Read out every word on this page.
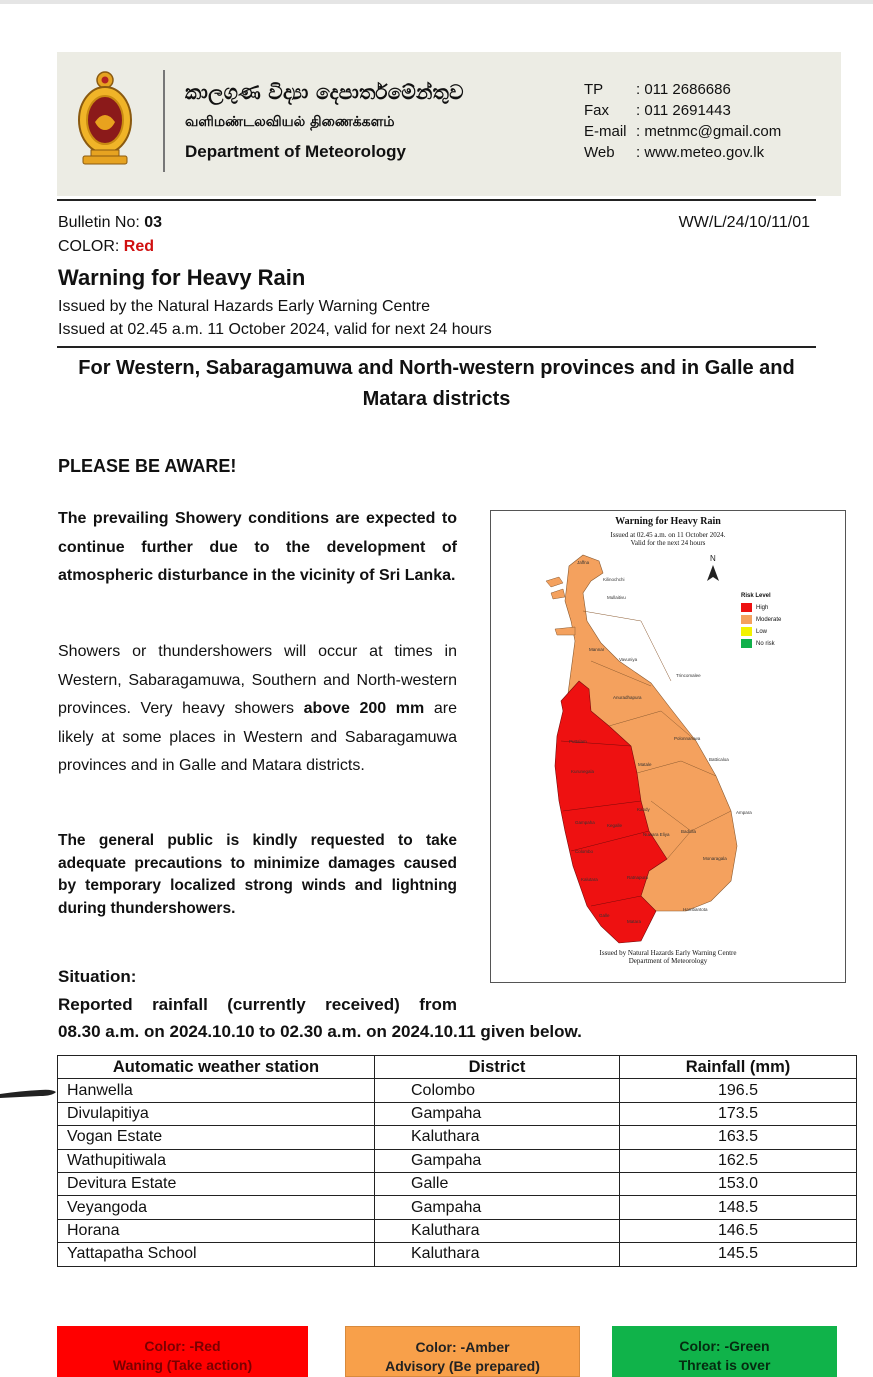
කාලගුණ විද්‍යා දෙපාර්තමේන්තුව
வளிமண்டலவியல் திணைக்களம்
Department of Meteorology
TP	: 011 2686686
Fax	: 011 2691443
E-mail : metnmc@gmail.com
Web	: www.meteo.gov.lk
Bulletin No: 03	WW/L/24/10/11/01
COLOR: Red
Warning for Heavy Rain
Issued by the Natural Hazards Early Warning Centre
Issued at 02.45 a.m. 11 October 2024, valid for next 24 hours
For Western, Sabaragamuwa and North-western provinces and in Galle and Matara districts
PLEASE BE AWARE!
The prevailing Showery conditions are expected to continue further due to the development of atmospheric disturbance in the vicinity of Sri Lanka.
Showers or thundershowers will occur at times in Western, Sabaragamuwa, Southern and North-western provinces. Very heavy showers above 200 mm are likely at some places in Western and Sabaragamuwa provinces and in Galle and Matara districts.
The general public is kindly requested to take adequate precautions to minimize damages caused by temporary localized strong winds and lightning during thundershowers.
N
Jaffna
Kilinochchi
Mullaitivu
Mannar
Vavuniya
Trincomalee
Anuradhapura
Puttalam
Polonnaruwa
Kurunegala
Matale
Batticaloa
Gampaha
Kandy
Colombo
Kegalle
Nuwara Eliya
Badulla
Ampara
Kalutara	Ratnapura
Monaragala
Galle
Matara
Hambantota
Warning for Heavy Rain
Issued at 02.45 a.m. on 11 October 2024.
Valid for the next 24 hours
Risk Level
High
Moderate
Low
No risk
Issued by Natural Hazards Early Warning Centre
Department of Meteorology
Situation:
Reported rainfall (currently received) from
08.30 a.m. on 2024.10.10 to 02.30 a.m. on 2024.10.11 given below.
Automatic weather station	District	Rainfall (mm)
Hanwella	Colombo	196.5
Divulapitiya	Gampaha	173.5
Vogan Estate	Kaluthara	163.5
Wathupitiwala	Gampaha	162.5
Devitura Estate	Galle	153.0
Veyangoda	Gampaha	148.5
Horana	Kaluthara	146.5
Yattapatha School	Kaluthara	145.5
Color: -Red
Waning (Take action)
Color: -Amber
Advisory (Be prepared)
Color: -Green
Threat is over
